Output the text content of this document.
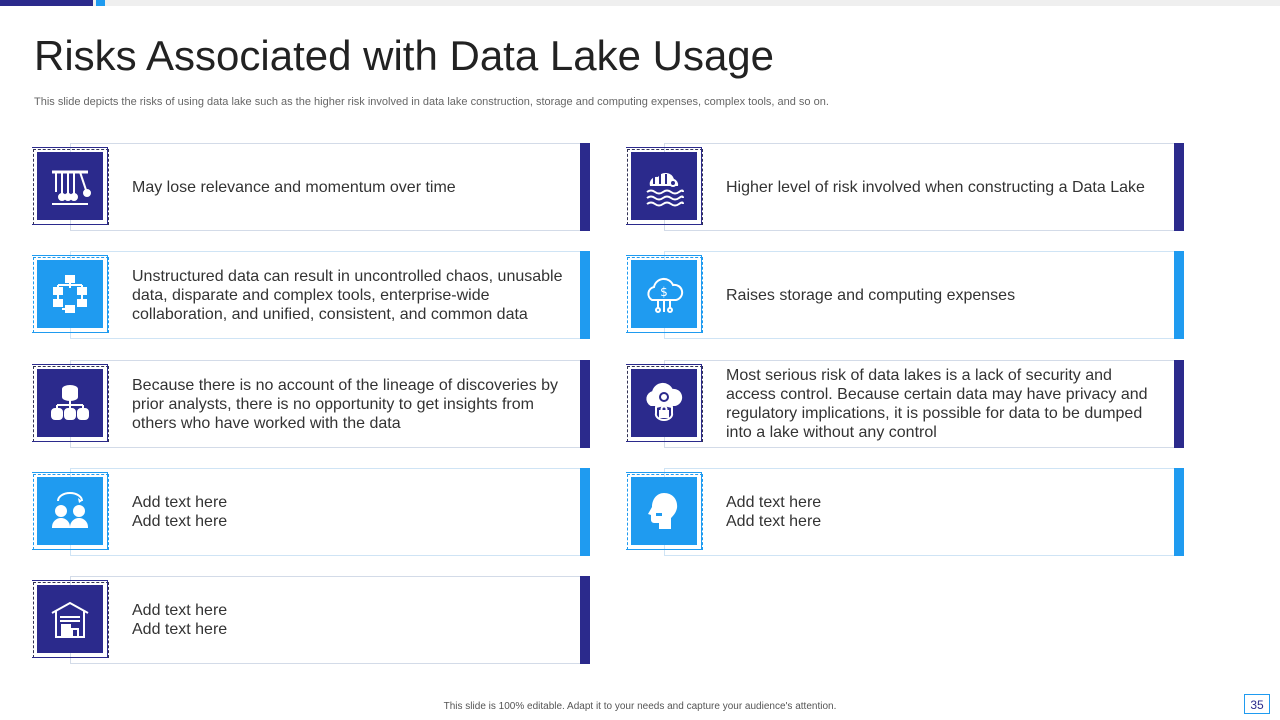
Risks Associated with Data Lake Usage
This slide depicts the risks of using data lake such as the higher risk involved in data lake construction, storage and computing expenses, complex tools, and so on.
May lose relevance and momentum over time	Higher level of risk involved when constructing a Data Lake
Unstructured data can result in uncontrolled chaos, unusable data, disparate and complex tools, enterprise-wide collaboration, and unified, consistent, and common data
$	Raises storage and computing expenses
Because there is no account of the lineage of discoveries by prior analysts, there is no opportunity to get insights from others who have worked with the data
Most serious risk of data lakes is a lack of security and access control. Because certain data may have privacy and regulatory implications, it is possible for data to be dumped into a lake without any control
Add text here
Add text here
Add text here
Add text here
Add text here
Add text here
This slide is 100% editable. Adapt it to your needs and capture your audience's attention.	35
